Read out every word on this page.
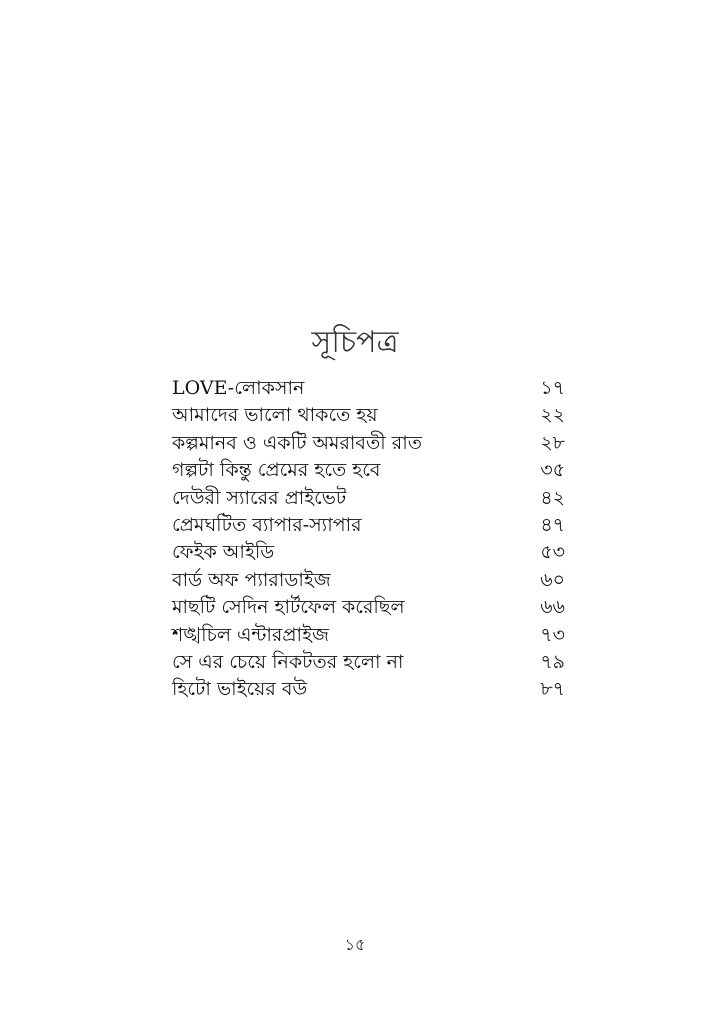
সূচিপত্র
LOVE-লোকসান	১৭
আমাদের ভালো থাকতে হয়	২২
কল্পমানব ও একটি অমরাবতী রাত	২৮
গল্পটা কিন্তু প্রেমের হতে হবে	৩৫
দেউরী স্যারের প্রাইভেট	৪২
প্রেমঘটিত ব্যাপার-স্যাপার	৪৭
ফেইক আইডি	৫৩
বার্ড অফ প্যারাডাইজ	৬০
মাছটি সেদিন হার্টফেল করেছিল	৬৬
শঙ্খচিল এন্টারপ্রাইজ	৭৩
সে এর চেয়ে নিকটতর হলো না	৭৯
হিটো ভাইয়ের বউ	৮৭
১৫
